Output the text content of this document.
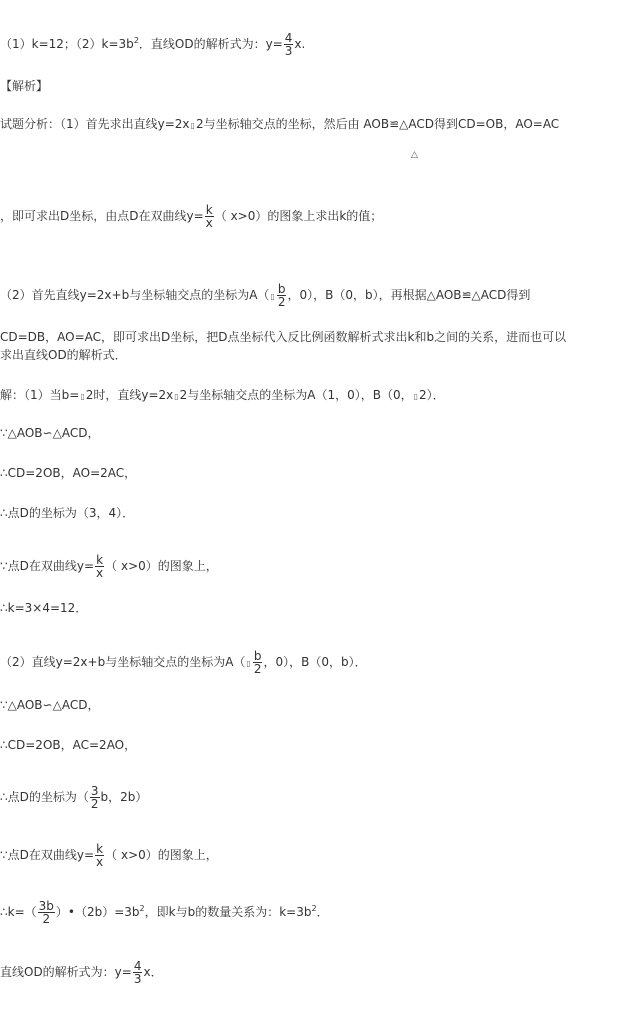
（1）k=12；$(2)k=3b^2$．直线OD的解析式为：$y= \frac{4}{3} x$.
【解析】
试题分析：（1）首先求出直线y=2x▯2与坐标轴交点的坐标，然后由 AOB≌△ACD得到CD=OB，AO=AC
△
，即可求出D坐标，由点D在双曲线$y= \frac{k}{x}$ （ x>0）的图象上求出k的值；
（2）首先直线y=2x+b与坐标轴交点的坐标为A（▯ $\frac{b}{2}$ ，0），B（0，b），再根据△AOB≌△ACD得到
CD=DB，AO=AC，即可求出D坐标，把D点坐标代入反比例函数解析式求出k和b之间的关系，进而也可以
求出直线OD的解析式．
解：（1）当b=▯2时，直线y=2x▯2与坐标轴交点的坐标为A（1，0），B（0，▯2）．
∵△AOB∽△ACD，
∴CD=2OB，AO=2AC，
∴点D的坐标为（3，4）．
∵点D在双曲线$y= \frac{k}{x}$ （ x>0）的图象上，
∴k=3×4=12．
（2）直线y=2x+b与坐标轴交点的坐标为A（▯ $\frac{b}{2}$ ，0），B（0，b）．
∵△AOB∽△ACD，
∴CD=2OB，AC=2AO，
∴点D的坐标为（ $\frac{3}{2}$ b，2b）
∵点D在双曲线$y= \frac{k}{x}$ （ x>0）的图象上，
∴k=（ $\frac{3b}{2}$ ）$•(2b)=3b^2$，即k与b的数量关系为：$k=3b^2$．
直线OD的解析式为：$y= \frac{4}{3}$ x．
